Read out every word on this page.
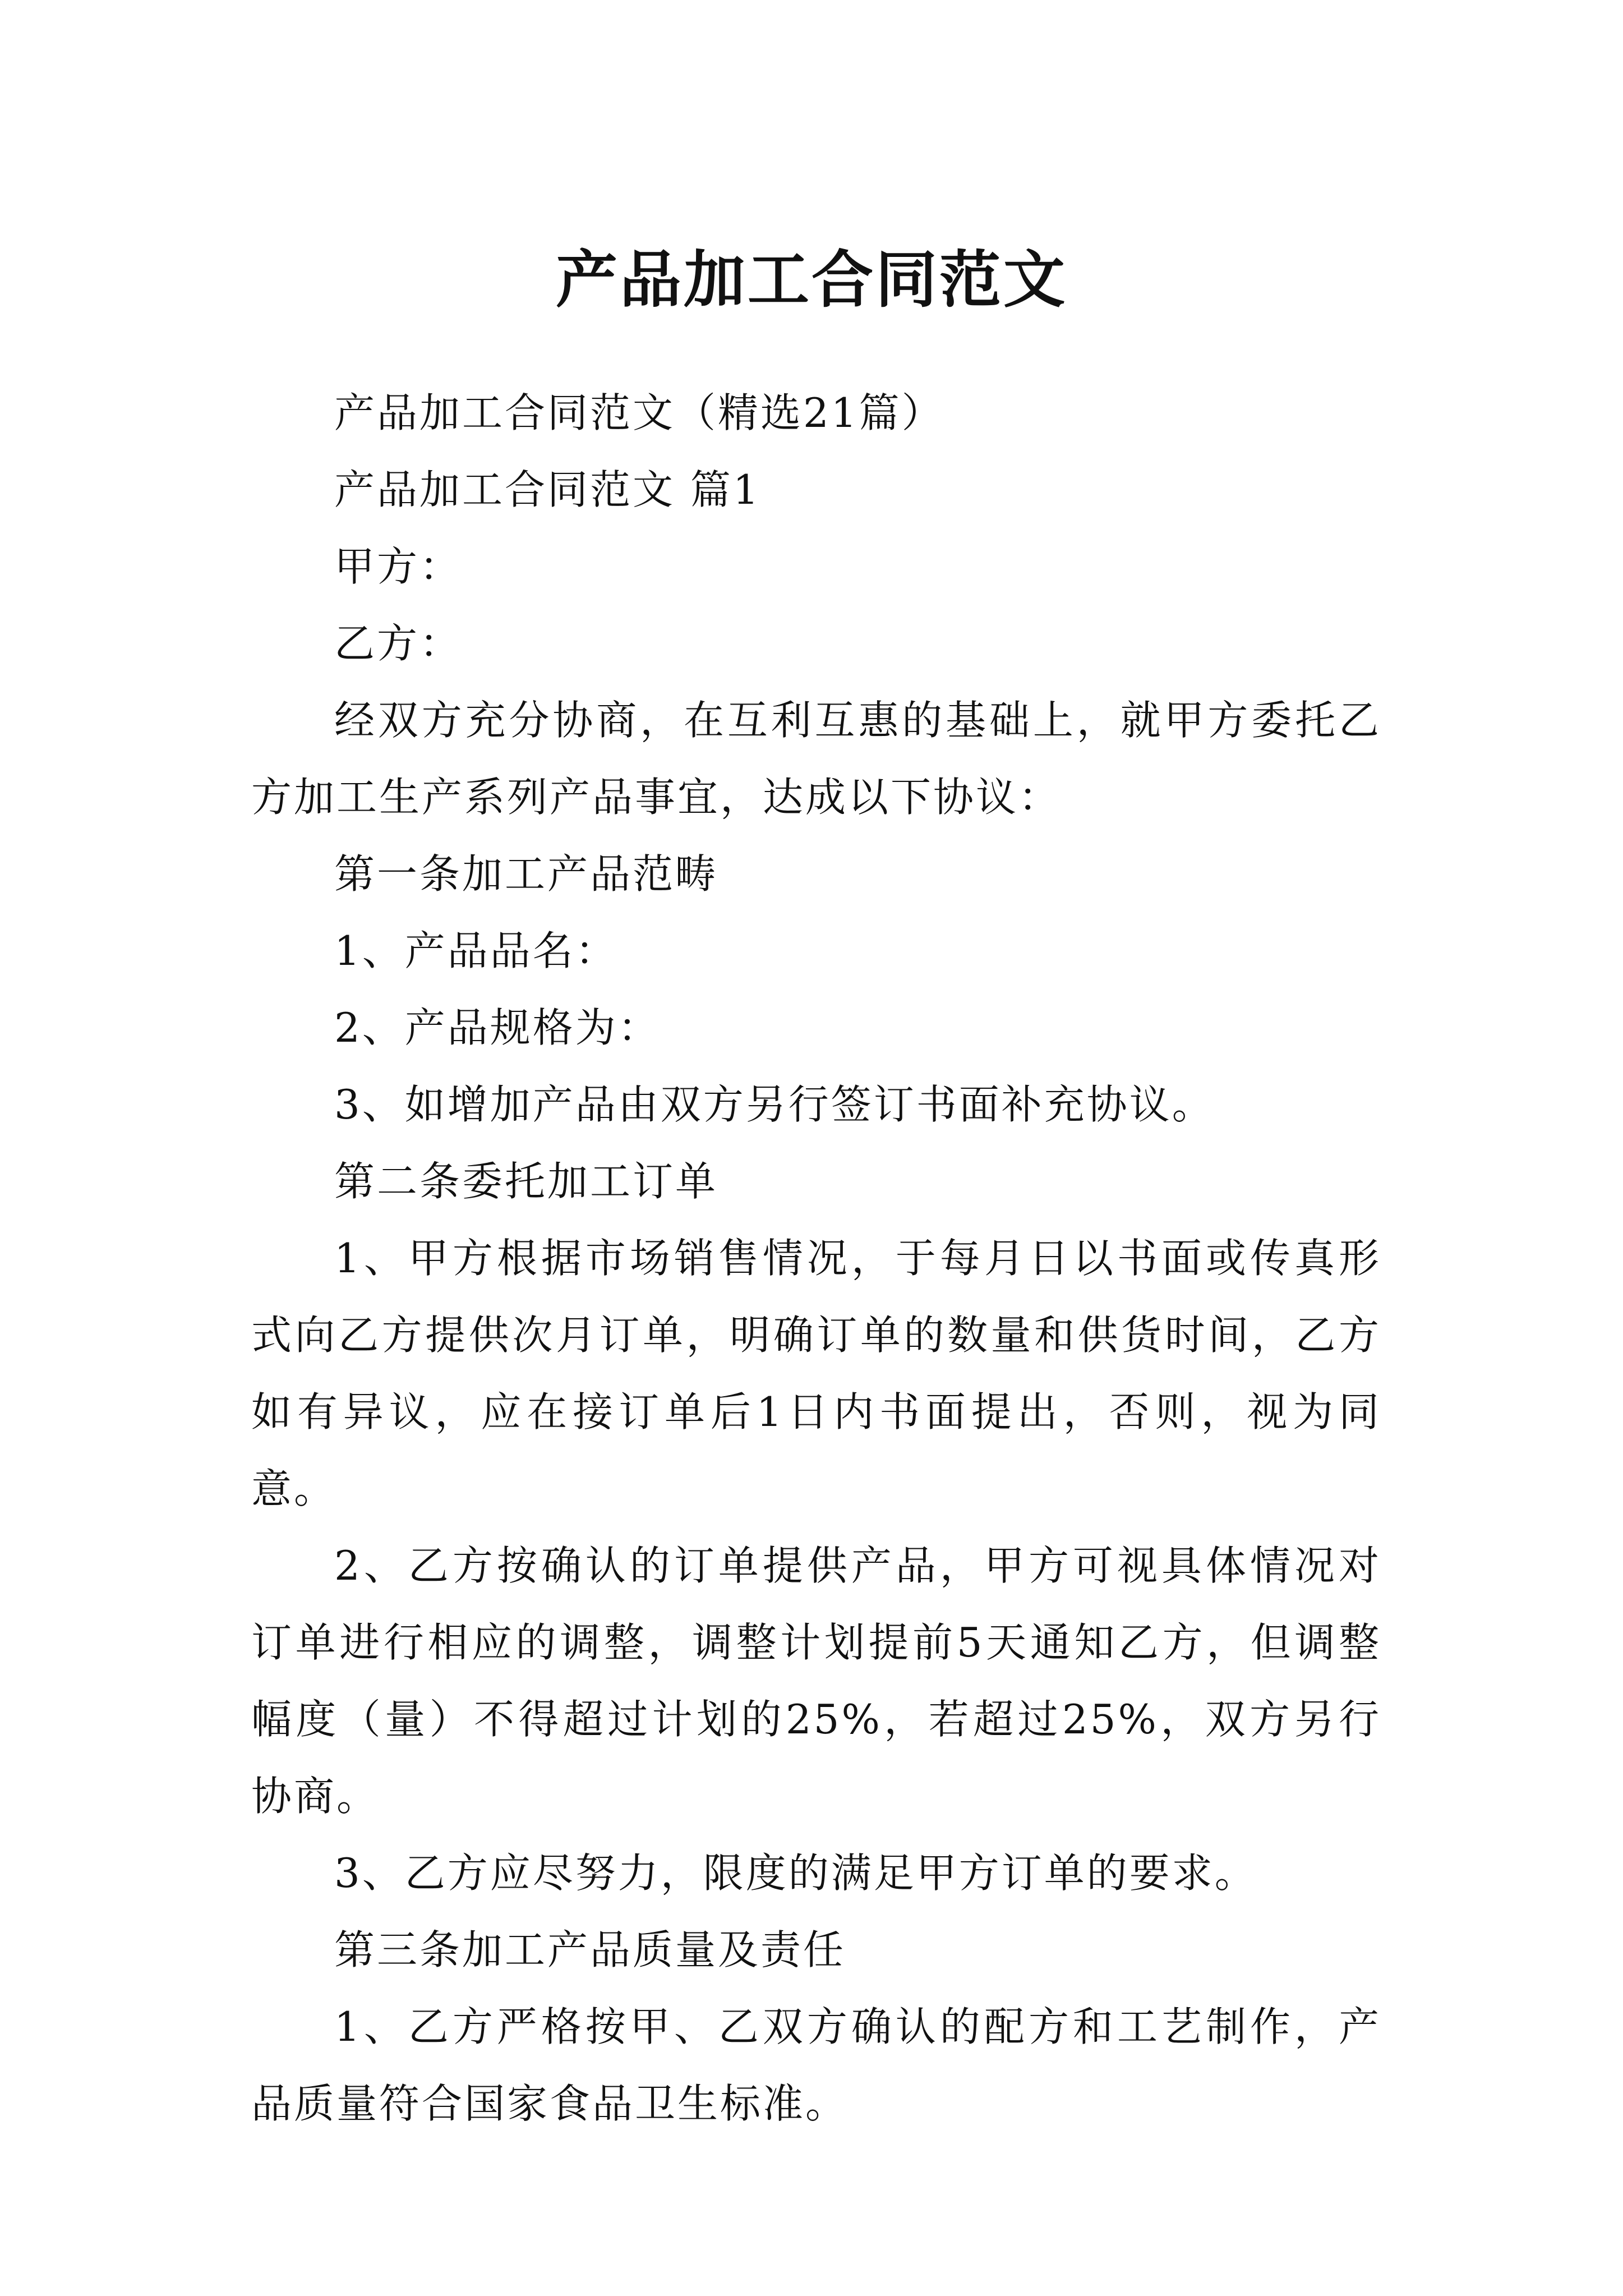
产品加工合同范文

产品加工合同范文（精选21篇）

产品加工合同范文 篇1

甲方：

乙方：

经双方充分协商，在互利互惠的基础上，就甲方委托乙方加工生产系列产品事宜，达成以下协议：

第一条加工产品范畴

1、产品品名：

2、产品规格为：

3、如增加产品由双方另行签订书面补充协议。

第二条委托加工订单

1、甲方根据市场销售情况，于每月日以书面或传真形式向乙方提供次月订单，明确订单的数量和供货时间，乙方如有异议，应在接订单后1日内书面提出，否则，视为同意。

2、乙方按确认的订单提供产品，甲方可视具体情况对订单进行相应的调整，调整计划提前5天通知乙方，但调整幅度（量）不得超过计划的25%，若超过25%，双方另行协商。

3、乙方应尽努力，限度的满足甲方订单的要求。

第三条加工产品质量及责任

1、乙方严格按甲、乙双方确认的配方和工艺制作，产品质量符合国家食品卫生标准。
